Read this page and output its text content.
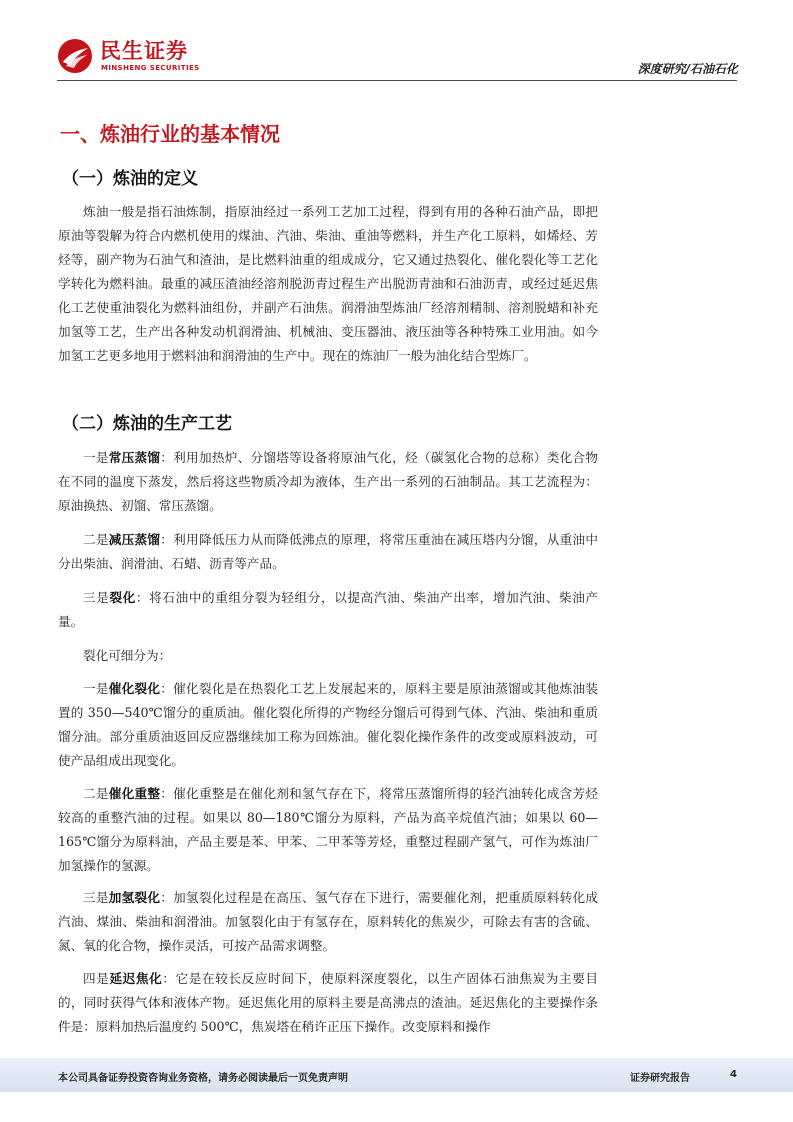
民生证券
MINSHENG SECURITIES	深度研究/石油石化
一、炼油行业的基本情况
（一）炼油的定义

炼油一般是指石油炼制，指原油经过一系列工艺加工过程，得到有用的各种石油产品，即把原油等裂解为符合内燃机使用的煤油、汽油、柴油、重油等燃料，并生产化工原料，如烯烃、芳烃等，副产物为石油气和渣油，是比燃料油重的组成成分，它又通过热裂化、催化裂化等工艺化学转化为燃料油。最重的减压渣油经溶剂脱沥青过程生产出脱沥青油和石油沥青，或经过延迟焦化工艺使重油裂化为燃料油组份，并副产石油焦。润滑油型炼油厂经溶剂精制、溶剂脱蜡和补充加氢等工艺，生产出各种发动机润滑油、机械油、变压器油、液压油等各种特殊工业用油。如今加氢工艺更多地用于燃料油和润滑油的生产中。现在的炼油厂一般为油化结合型炼厂。

（二）炼油的生产工艺

一是常压蒸馏：利用加热炉、分馏塔等设备将原油气化，烃（碳氢化合物的总称）类化合物在不同的温度下蒸发，然后将这些物质冷却为液体，生产出一系列的石油制品。其工艺流程为：原油换热、初馏、常压蒸馏。

二是减压蒸馏：利用降低压力从而降低沸点的原理，将常压重油在减压塔内分馏，从重油中分出柴油、润滑油、石蜡、沥青等产品。

三是裂化：将石油中的重组分裂为轻组分，以提高汽油、柴油产出率，增加汽油、柴油产量。

裂化可细分为：

一是催化裂化：催化裂化是在热裂化工艺上发展起来的，原料主要是原油蒸馏或其他炼油装置的 350—540℃馏分的重质油。催化裂化所得的产物经分馏后可得到气体、汽油、柴油和重质馏分油。部分重质油返回反应器继续加工称为回炼油。催化裂化操作条件的改变或原料波动，可使产品组成出现变化。

二是催化重整：催化重整是在催化剂和氢气存在下，将常压蒸馏所得的轻汽油转化成含芳烃较高的重整汽油的过程。如果以 80—180℃馏分为原料，产品为高辛烷值汽油；如果以 60—165℃馏分为原料油，产品主要是苯、甲苯、二甲苯等芳烃，重整过程副产氢气，可作为炼油厂加氢操作的氢源。

三是加氢裂化：加氢裂化过程是在高压、氢气存在下进行，需要催化剂，把重质原料转化成汽油、煤油、柴油和润滑油。加氢裂化由于有氢存在，原料转化的焦炭少，可除去有害的含硫、氮、氧的化合物，操作灵活，可按产品需求调整。

四是延迟焦化：它是在较长反应时间下，使原料深度裂化，以生产固体石油焦炭为主要目的，同时获得气体和液体产物。延迟焦化用的原料主要是高沸点的渣油。延迟焦化的主要操作条件是：原料加热后温度约 500℃，焦炭塔在稍许正压下操作。改变原料和操作

本公司具备证券投资咨询业务资格，请务必阅读最后一页免责声明	证券研究报告	4
